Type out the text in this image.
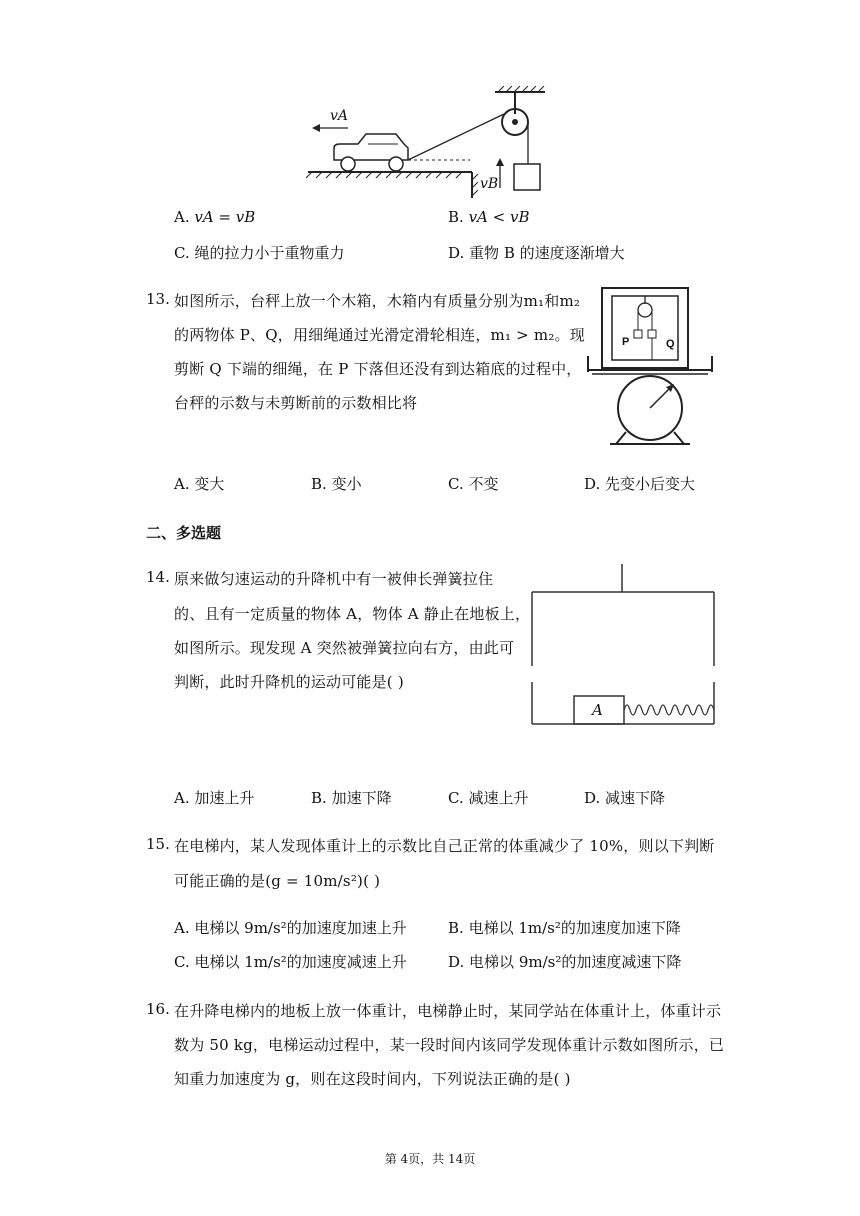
vA
vB
A. vA = vB	B. vA < vB
C. 绳的拉力小于重物重力	D. 重物 B 的速度逐渐增大
13. 如图所示，台秤上放一个木箱，木箱内有质量分别为m₁和m₂
的两物体 P、Q，用细绳通过光滑定滑轮相连，m₁ > m₂。现
剪断 Q 下端的细绳，在 P 下落但还没有到达箱底的过程中，
台秤的示数与未剪断前的示数相比将
P	Q
A. 变大	B. 变小	C. 不变	D. 先变小后变大
二、多选题
14. 原来做匀速运动的升降机中有一被伸长弹簧拉住
的、且有一定质量的物体 A，物体 A 静止在地板上，
如图所示。现发现 A 突然被弹簧拉向右方，由此可
判断，此时升降机的运动可能是( )
A
A. 加速上升	B. 加速下降	C. 减速上升	D. 减速下降
15. 在电梯内，某人发现体重计上的示数比自己正常的体重减少了 10%，则以下判断
可能正确的是(g = 10m/s²)( )
A. 电梯以 9m/s²的加速度加速上升	B. 电梯以 1m/s²的加速度加速下降
C. 电梯以 1m/s²的加速度减速上升	D. 电梯以 9m/s²的加速度减速下降
16. 在升降电梯内的地板上放一体重计，电梯静止时，某同学站在体重计上，体重计示
数为 50 kg，电梯运动过程中，某一段时间内该同学发现体重计示数如图所示，已
知重力加速度为 g，则在这段时间内，下列说法正确的是( )
第 4页，共 14页
